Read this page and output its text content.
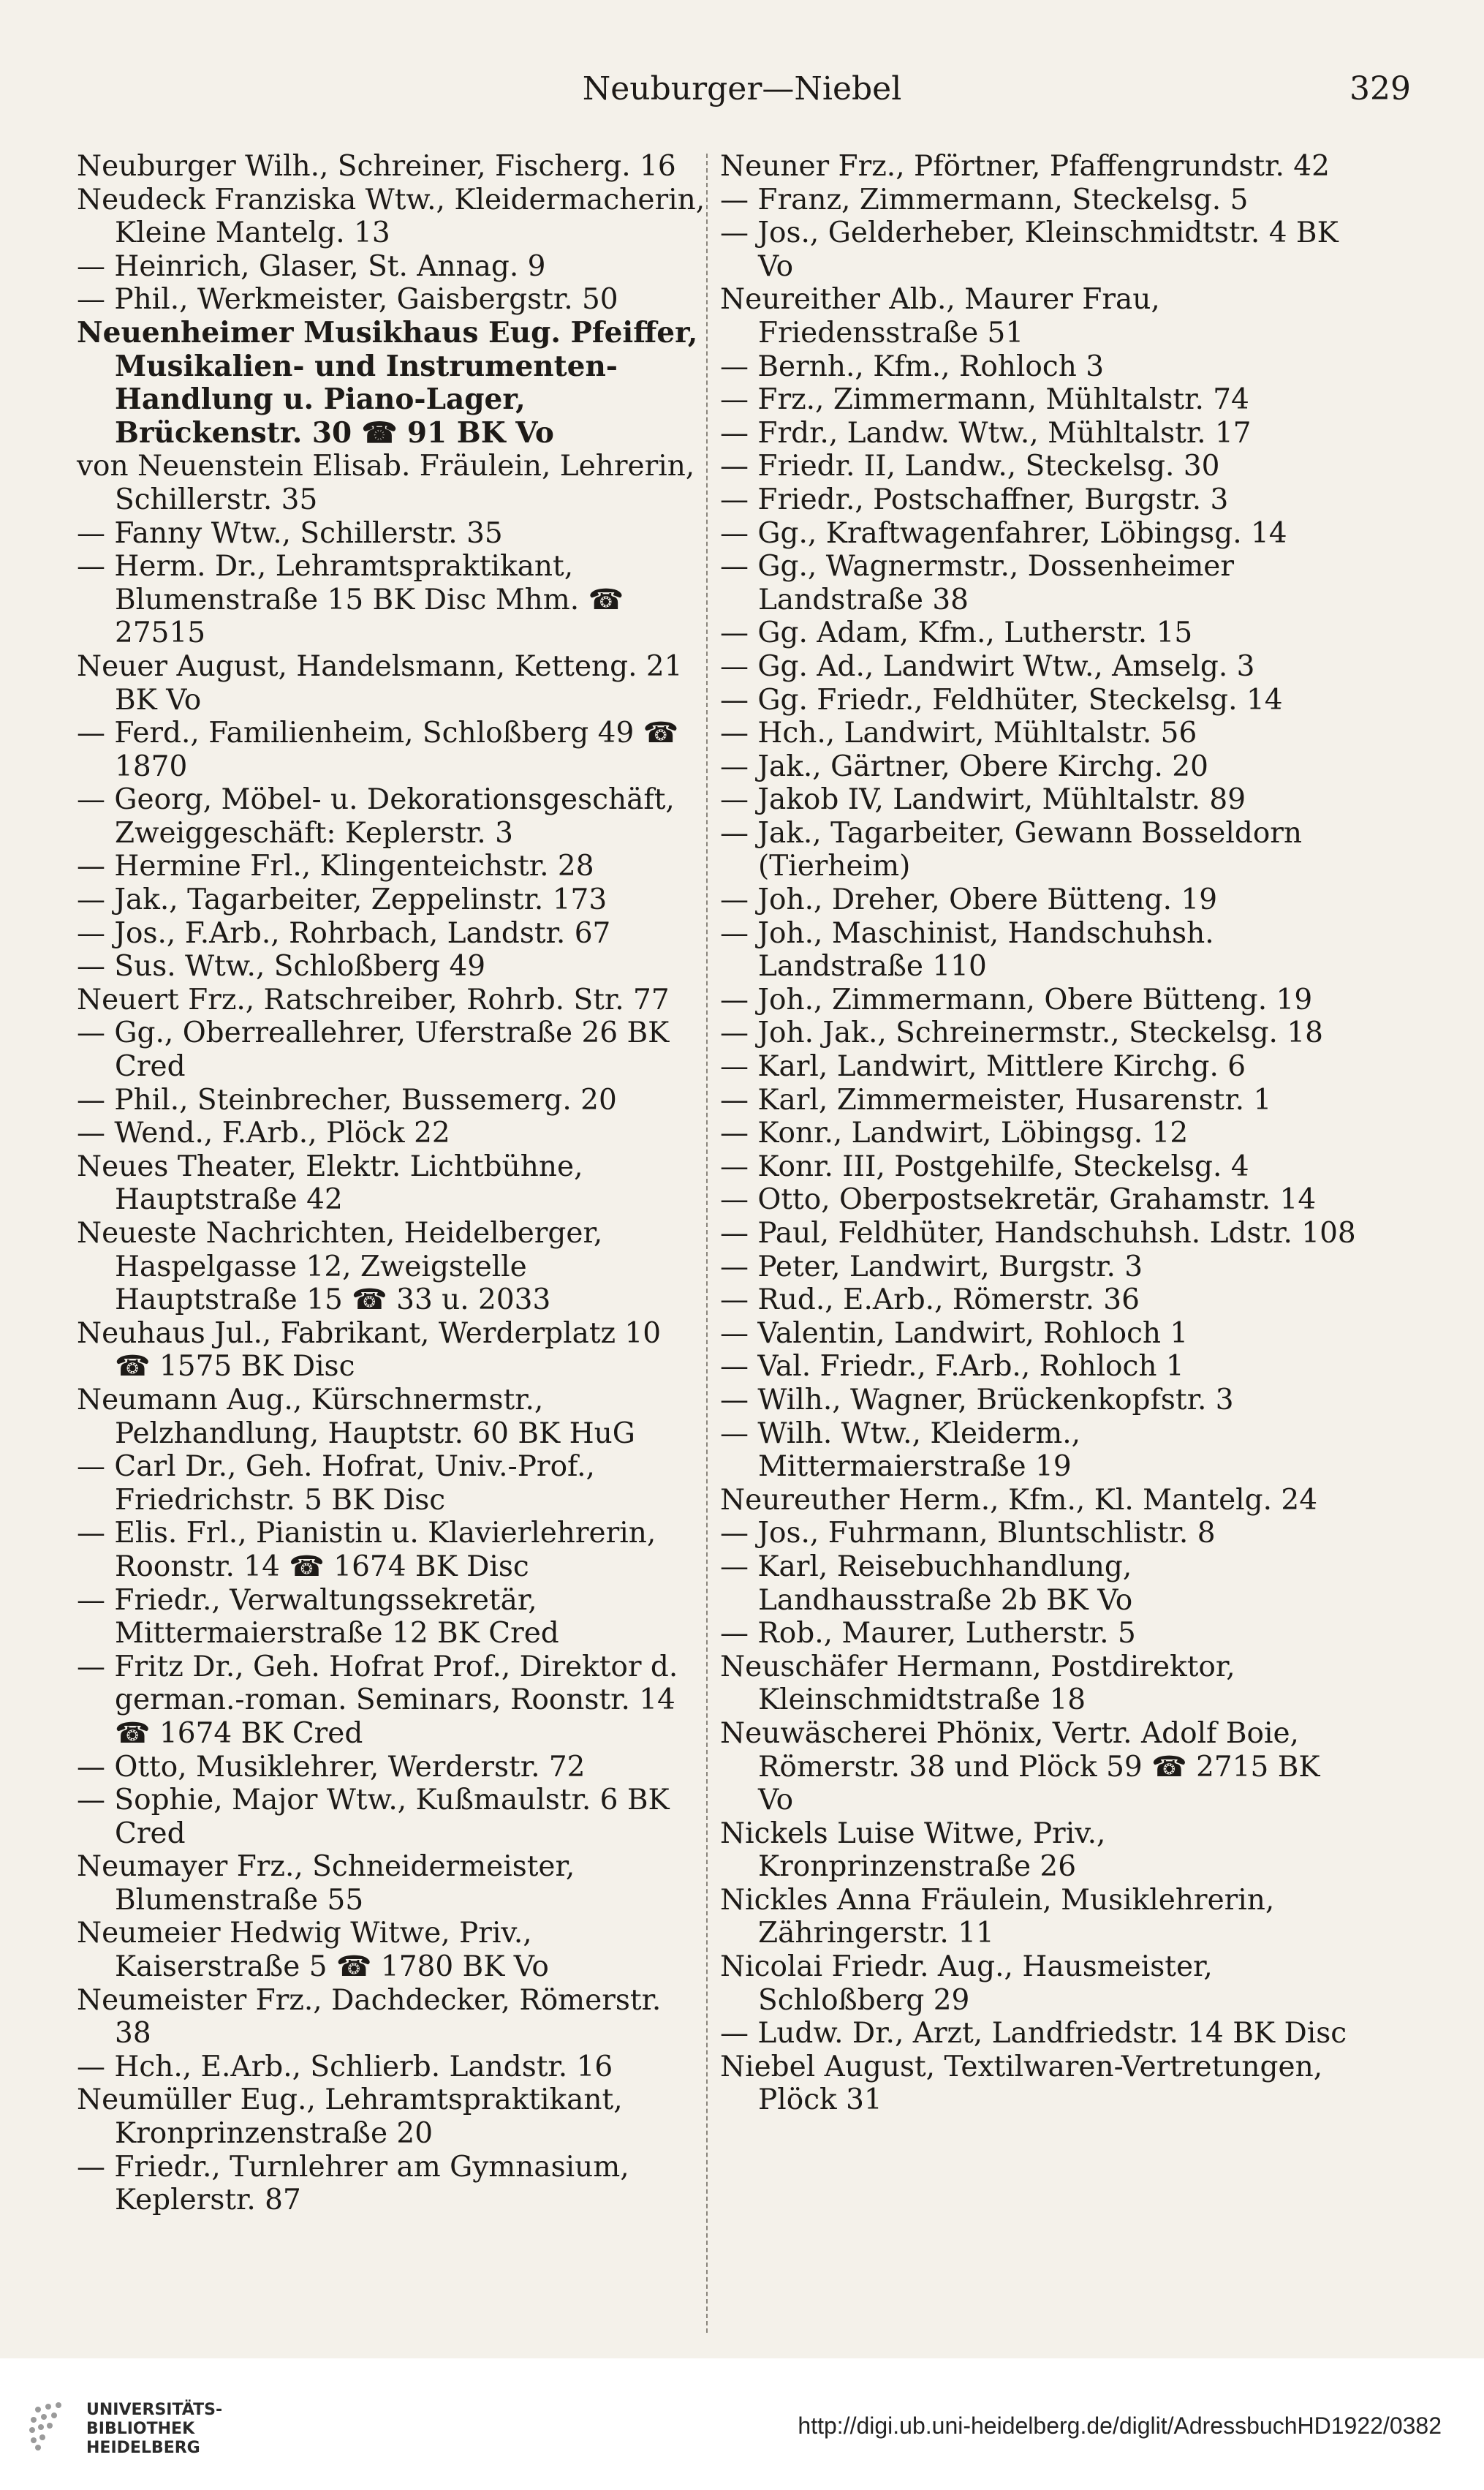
Neuburger—Niebel	329

Neuburger Wilh., Schreiner, Fischerg. 16

Neudeck Franziska Wtw., Kleidermacherin, Kleine Mantelg. 13

— Heinrich, Glaser, St. Annag. 9

— Phil., Werkmeister, Gaisbergstr. 50

Neuenheimer Musikhaus Eug. Pfeiffer, Musikalien- und Instrumenten-Handlung u. Piano-Lager, Brückenstr. 30 ☎ 91 BK Vo

von Neuenstein Elisab. Fräulein, Lehrerin, Schillerstr. 35

— Fanny Wtw., Schillerstr. 35

— Herm. Dr., Lehramtspraktikant, Blumenstraße 15 BK Disc Mhm. ☎ 27515

Neuer August, Handelsmann, Ketteng. 21 BK Vo

— Ferd., Familienheim, Schloßberg 49 ☎ 1870

— Georg, Möbel- u. Dekorationsgeschäft, Zweiggeschäft: Keplerstr. 3

— Hermine Frl., Klingenteichstr. 28

— Jak., Tagarbeiter, Zeppelinstr. 173

— Jos., F.Arb., Rohrbach, Landstr. 67

— Sus. Wtw., Schloßberg 49

Neuert Frz., Ratschreiber, Rohrb. Str. 77

— Gg., Oberreallehrer, Uferstraße 26 BK Cred

— Phil., Steinbrecher, Bussemerg. 20

— Wend., F.Arb., Plöck 22

Neues Theater, Elektr. Lichtbühne, Hauptstraße 42

Neueste Nachrichten, Heidelberger, Haspelgasse 12, Zweigstelle Hauptstraße 15 ☎ 33 u. 2033

Neuhaus Jul., Fabrikant, Werderplatz 10 ☎ 1575 BK Disc

Neumann Aug., Kürschnermstr., Pelzhandlung, Hauptstr. 60 BK HuG

— Carl Dr., Geh. Hofrat, Univ.-Prof., Friedrichstr. 5 BK Disc

— Elis. Frl., Pianistin u. Klavierlehrerin, Roonstr. 14 ☎ 1674 BK Disc

— Friedr., Verwaltungssekretär, Mittermaierstraße 12 BK Cred

— Fritz Dr., Geh. Hofrat Prof., Direktor d. german.-roman. Seminars, Roonstr. 14 ☎ 1674 BK Cred

— Otto, Musiklehrer, Werderstr. 72

— Sophie, Major Wtw., Kußmaulstr. 6 BK Cred

Neumayer Frz., Schneidermeister, Blumenstraße 55

Neumeier Hedwig Witwe, Priv., Kaiserstraße 5 ☎ 1780 BK Vo

Neumeister Frz., Dachdecker, Römerstr. 38

— Hch., E.Arb., Schlierb. Landstr. 16

Neumüller Eug., Lehramtspraktikant, Kronprinzenstraße 20

— Friedr., Turnlehrer am Gymnasium, Keplerstr. 87

Neuner Frz., Pförtner, Pfaffengrundstr. 42

— Franz, Zimmermann, Steckelsg. 5

— Jos., Gelderheber, Kleinschmidtstr. 4 BK Vo

Neureither Alb., Maurer Frau, Friedensstraße 51

— Bernh., Kfm., Rohloch 3

— Frz., Zimmermann, Mühltalstr. 74

— Frdr., Landw. Wtw., Mühltalstr. 17

— Friedr. II, Landw., Steckelsg. 30

— Friedr., Postschaffner, Burgstr. 3

— Gg., Kraftwagenfahrer, Löbingsg. 14

— Gg., Wagnermstr., Dossenheimer Landstraße 38

— Gg. Adam, Kfm., Lutherstr. 15

— Gg. Ad., Landwirt Wtw., Amselg. 3

— Gg. Friedr., Feldhüter, Steckelsg. 14

— Hch., Landwirt, Mühltalstr. 56

— Jak., Gärtner, Obere Kirchg. 20

— Jakob IV, Landwirt, Mühltalstr. 89

— Jak., Tagarbeiter, Gewann Bosseldorn (Tierheim)

— Joh., Dreher, Obere Bütteng. 19

— Joh., Maschinist, Handschuhsh. Landstraße 110

— Joh., Zimmermann, Obere Bütteng. 19

— Joh. Jak., Schreinermstr., Steckelsg. 18

— Karl, Landwirt, Mittlere Kirchg. 6

— Karl, Zimmermeister, Husarenstr. 1

— Konr., Landwirt, Löbingsg. 12

— Konr. III, Postgehilfe, Steckelsg. 4

— Otto, Oberpostsekretär, Grahamstr. 14

— Paul, Feldhüter, Handschuhsh. Ldstr. 108

— Peter, Landwirt, Burgstr. 3

— Rud., E.Arb., Römerstr. 36

— Valentin, Landwirt, Rohloch 1

— Val. Friedr., F.Arb., Rohloch 1

— Wilh., Wagner, Brückenkopfstr. 3

— Wilh. Wtw., Kleiderm., Mittermaierstraße 19

Neureuther Herm., Kfm., Kl. Mantelg. 24

— Jos., Fuhrmann, Bluntschlistr. 8

— Karl, Reisebuchhandlung, Landhausstraße 2b BK Vo

— Rob., Maurer, Lutherstr. 5

Neuschäfer Hermann, Postdirektor, Kleinschmidtstraße 18

Neuwäscherei Phönix, Vertr. Adolf Boie, Römerstr. 38 und Plöck 59 ☎ 2715 BK Vo

Nickels Luise Witwe, Priv., Kronprinzenstraße 26

Nickles Anna Fräulein, Musiklehrerin, Zähringerstr. 11

Nicolai Friedr. Aug., Hausmeister, Schloßberg 29

— Ludw. Dr., Arzt, Landfriedstr. 14 BK Disc

Niebel August, Textilwaren-Vertretungen, Plöck 31

UNIVERSITÄTS-
BIBLIOTHEK
HEIDELBERG
http://digi.ub.uni-heidelberg.de/diglit/AdressbuchHD1922/0382
